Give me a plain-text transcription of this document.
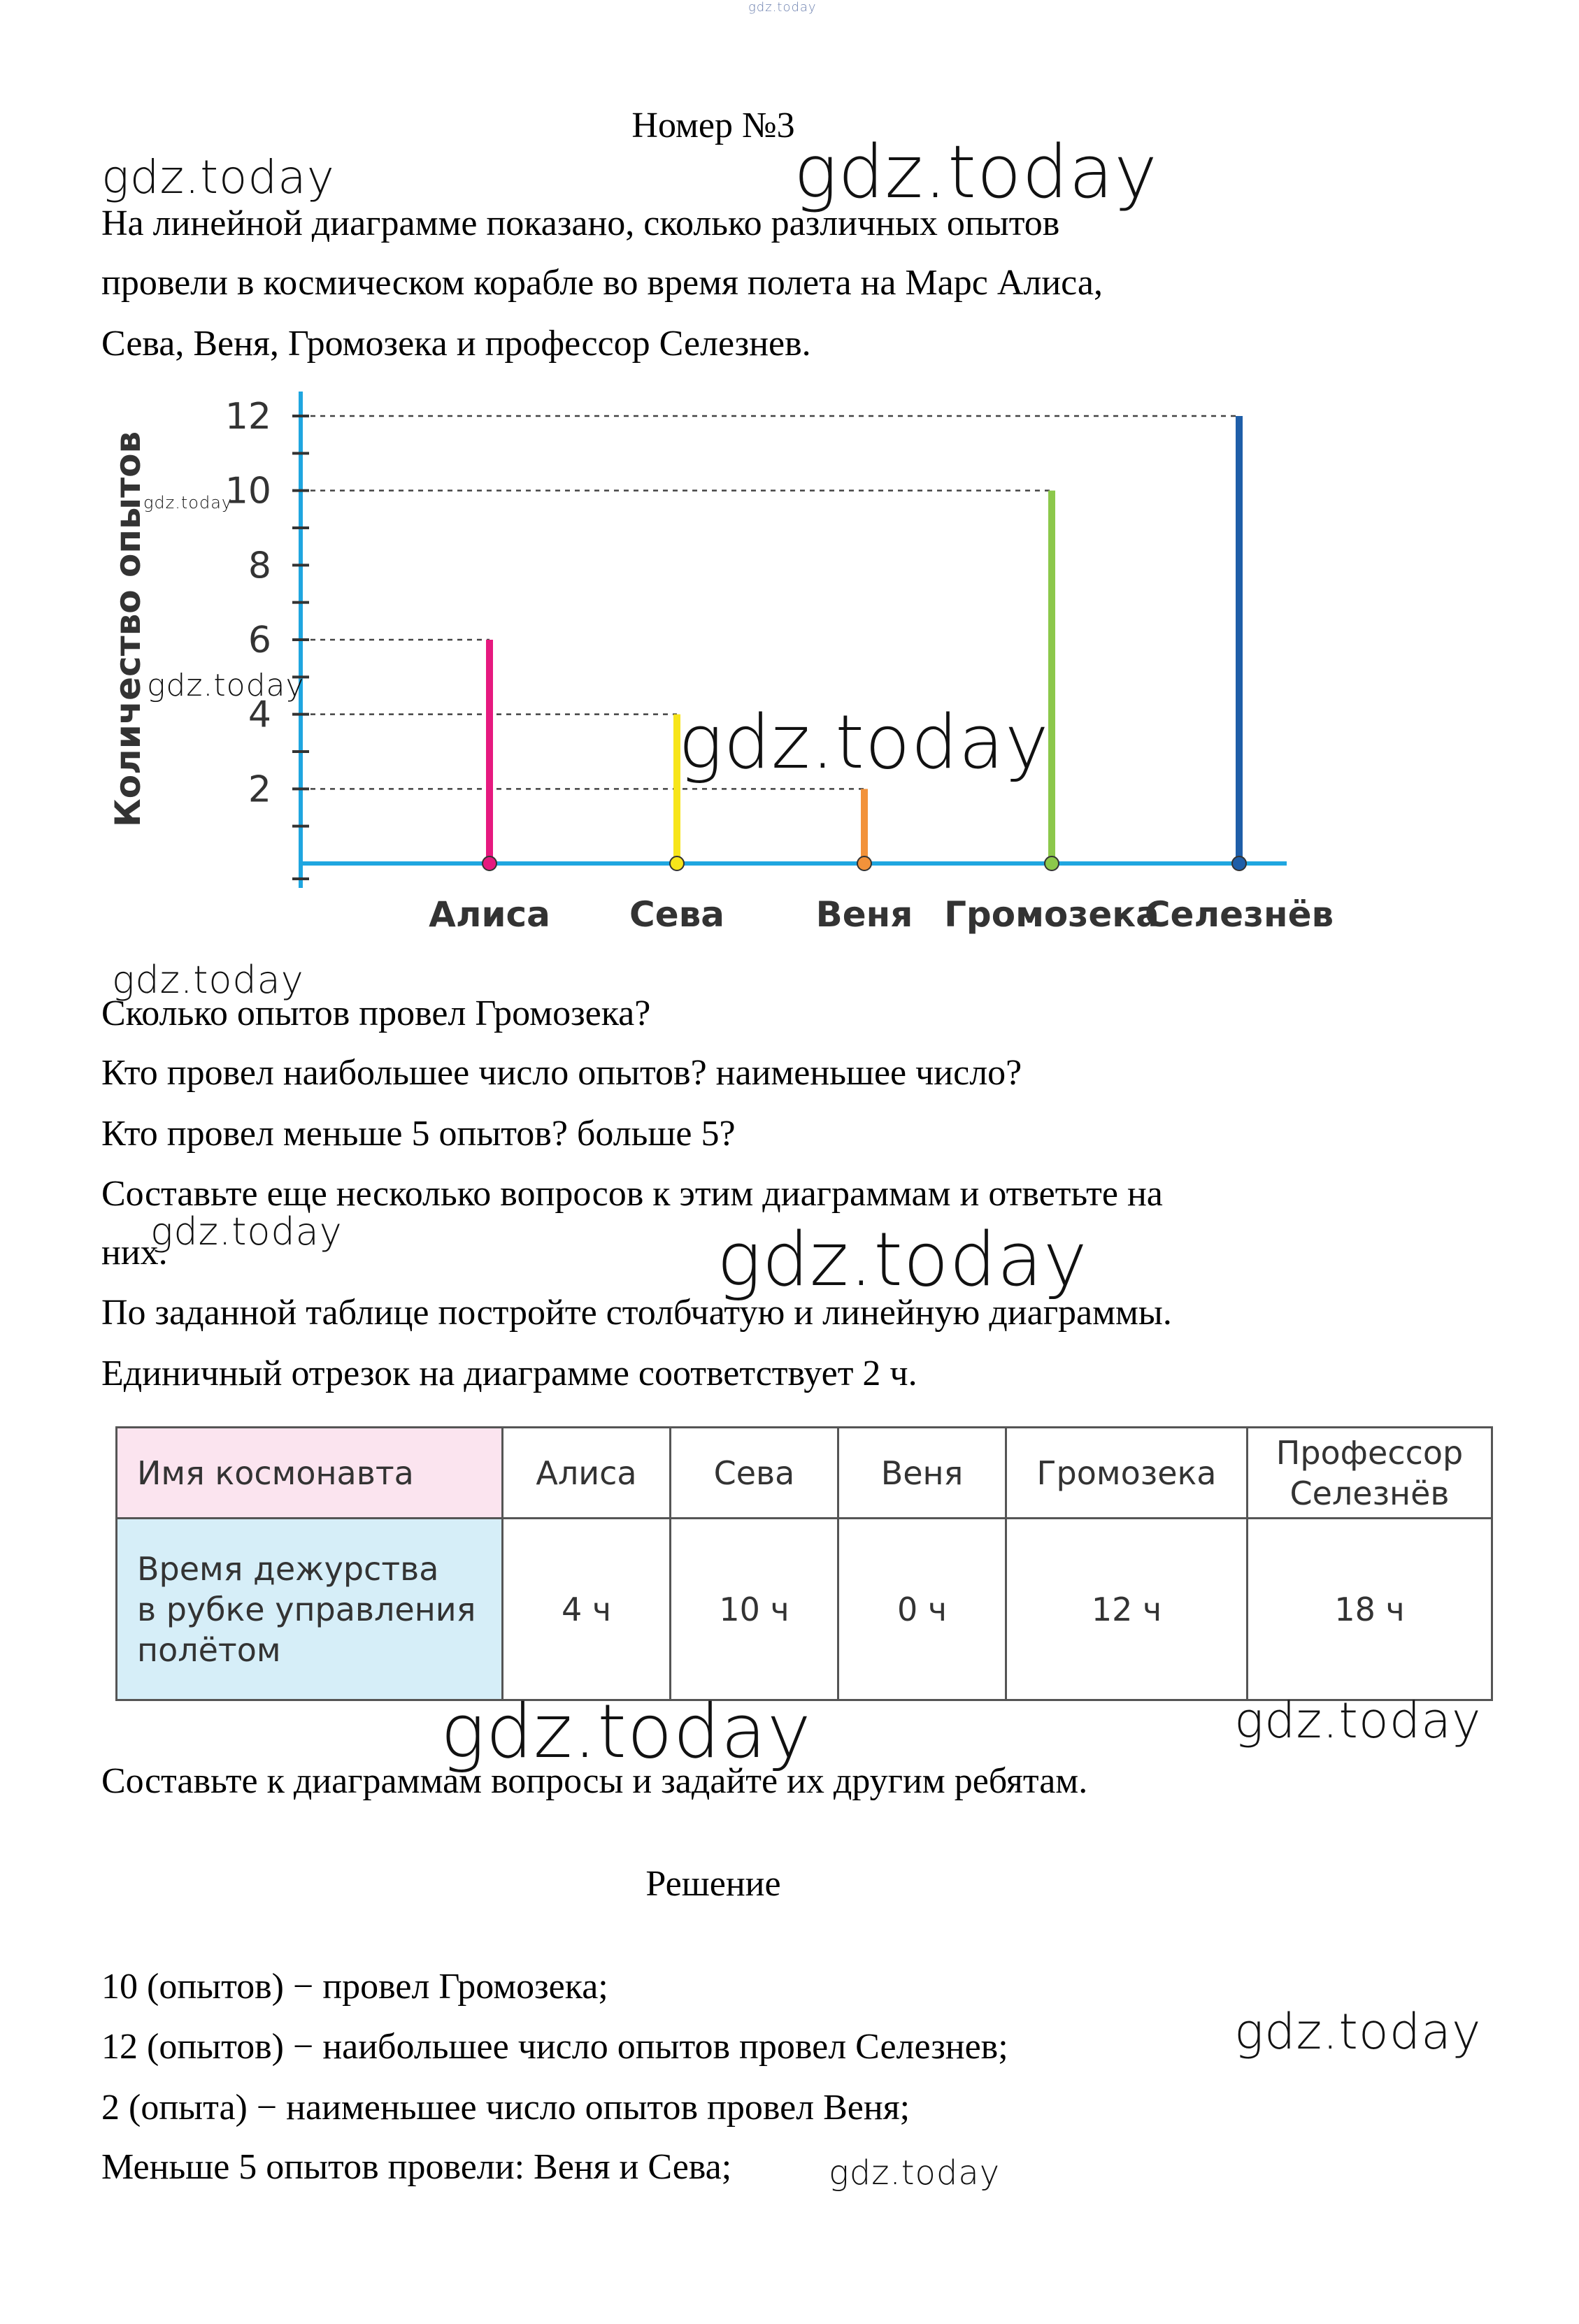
gdz.today
Номер №3
gdz.today	gdz.today
На линейной диаграмме показано, сколько различных опытов
провели в космическом корабле во время полета на Марс Алиса,
Сева, Веня, Громозека и профессор Селезнев.
2
4
6
8
10
12
Алиса Сева	Веня Громозека
Селезнёв
Количество опытов
gdz.today
gdz.today
gdz.today
gdz.today
Сколько опытов провел Громозека?
Кто провел наибольшее число опытов? наименьшее число?
Кто провел меньше 5 опытов? больше 5?
Составьте еще несколько вопросов к этим диаграммам и ответьте на
них.
gdz.today	gdz.today
По заданной таблице постройте столбчатую и линейную диаграммы.
Единичный отрезок на диаграмме соответствует 2 ч.
Имя космонавта	Алиса	Сева	Веня	Громозека	Профессор
Селезнёв

Время дежурства
в рубке управления
полётом	4 ч	10 ч	0 ч	12 ч	18 ч
gdz.today	gdz.today
Составьте к диаграммам вопросы и задайте их другим ребятам.
Решение
10 (опытов) − провел Громозека;
12 (опытов) − наибольшее число опытов провел Селезнев;	gdz.today
2 (опыта) − наименьшее число опытов провел Веня;
Меньше 5 опытов провели: Веня и Сева;	gdz.today
